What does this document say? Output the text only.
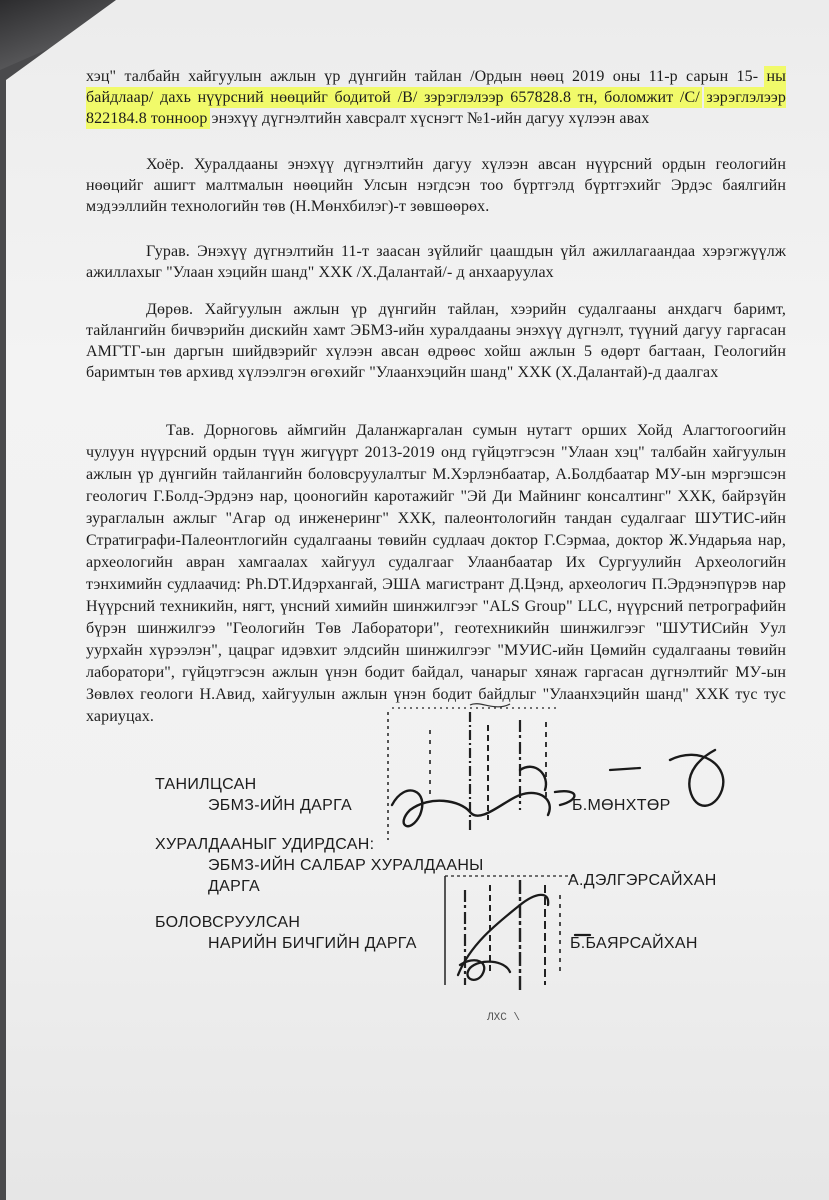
хэц" талбайн хайгуулын ажлын үр дүнгийн тайлан /Ордын нөөц 2019 оны 11-р сарын 15- ны байдлаар/ дахь нүүрсний нөөцийг бодитой /В/ зэрэглэлээр 657828.8 тн, боломжит /С/ зэрэглэлээр 822184.8 тонноор энэхүү дүгнэлтийн хавсралт хүснэгт №1-ийн дагуу хүлээн авах
Хоёр. Хуралдааны энэхүү дүгнэлтийн дагуу хүлээн авсан нүүрсний ордын геологийн нөөцийг ашигт малтмалын нөөцийн Улсын нэгдсэн тоо бүртгэлд бүртгэхийг Эрдэс баялгийн мэдээллийн технологийн төв (Н.Мөнхбилэг)-т зөвшөөрөх.
Гурав. Энэхүү дүгнэлтийн 11-т заасан зүйлийг цаашдын үйл ажиллагаандаа хэрэгжүүлж ажиллахыг "Улаан хэцийн шанд" ХХК /Х.Далантай/- д анхааруулах
Дөрөв. Хайгуулын ажлын үр дүнгийн тайлан, хээрийн судалгааны анхдагч баримт, тайлангийн бичвэрийн дискийн хамт ЭБМЗ-ийн хуралдааны энэхүү дүгнэлт, түүний дагуу гаргасан АМГТГ-ын даргын шийдвэрийг хүлээн авсан өдрөөс хойш ажлын 5 өдөрт багтаан, Геологийн баримтын төв архивд хүлээлгэн өгөхийг "Улаанхэцийн шанд" ХХК (Х.Далантай)-д даалгах
Тав. Дорноговь аймгийн Даланжаргалан сумын нутагт орших Хойд Алагтогоогийн чулуун нүүрсний ордын түүн жигүүрт 2013-2019 онд гүйцэтгэсэн "Улаан хэц" талбайн хайгуулын ажлын үр дүнгийн тайлангийн боловсруулалтыг М.Хэрлэнбаатар, А.Болдбаатар МУ-ын мэргэшсэн геологич Г.Болд-Эрдэнэ нар, цооногийн каротажийг "Эй Ди Майнинг консалтинг" ХХК, байрзүйн зураглалын ажлыг "Агар од инженеринг" ХХК, палеонтологийн тандан судалгааг ШУТИС-ийн Стратиграфи-Палеонтлогийн судалгааны төвийн судлаач доктор Г.Сэрмаа, доктор Ж.Ундарьяа нар, археологийн авран хамгаалах хайгуул судалгааг Улаанбаатар Их Сургуулийн Археологийн тэнхимийн судлаачид: Ph.DT.Идэрхангай, ЭША магистрант Д.Цэнд, археологич П.Эрдэнэпүрэв нар Нүүрсний техникийн, нягт, үнсний химийн шинжилгээг "ALS Group" LLC, нүүрсний петрографийн бүрэн шинжилгээ "Геологийн Төв Лаборатори", геотехникийн шинжилгээг "ШУТИСийн Уул уурхайн хүрээлэн", цацраг идэвхит элдсийн шинжилгээг "МУИС-ийн Цөмийн судалгааны төвийн лаборатори", гүйцэтгэсэн ажлын үнэн бодит байдал, чанарыг хянаж гаргасан дүгнэлтийг МУ-ын Зөвлөх геологи Н.Авид, хайгуулын ажлын үнэн бодит байдлыг "Улаанхэцийн шанд" ХХК тус тус хариуцах.
ТАНИЛЦСАН
ЭБМЗ-ИЙН ДАРГА	Б.МӨНХТӨР
ХУРАЛДААНЫГ УДИРДСАН:
ЭБМЗ-ИЙН САЛБАР ХУРАЛДААНЫ
ДАРГА	А.ДЭЛГЭРСАЙХАН
БОЛОВСРУУЛСАН
НАРИЙН БИЧГИЙН ДАРГА	Б.БАЯРСАЙХАН
ЛХС \
